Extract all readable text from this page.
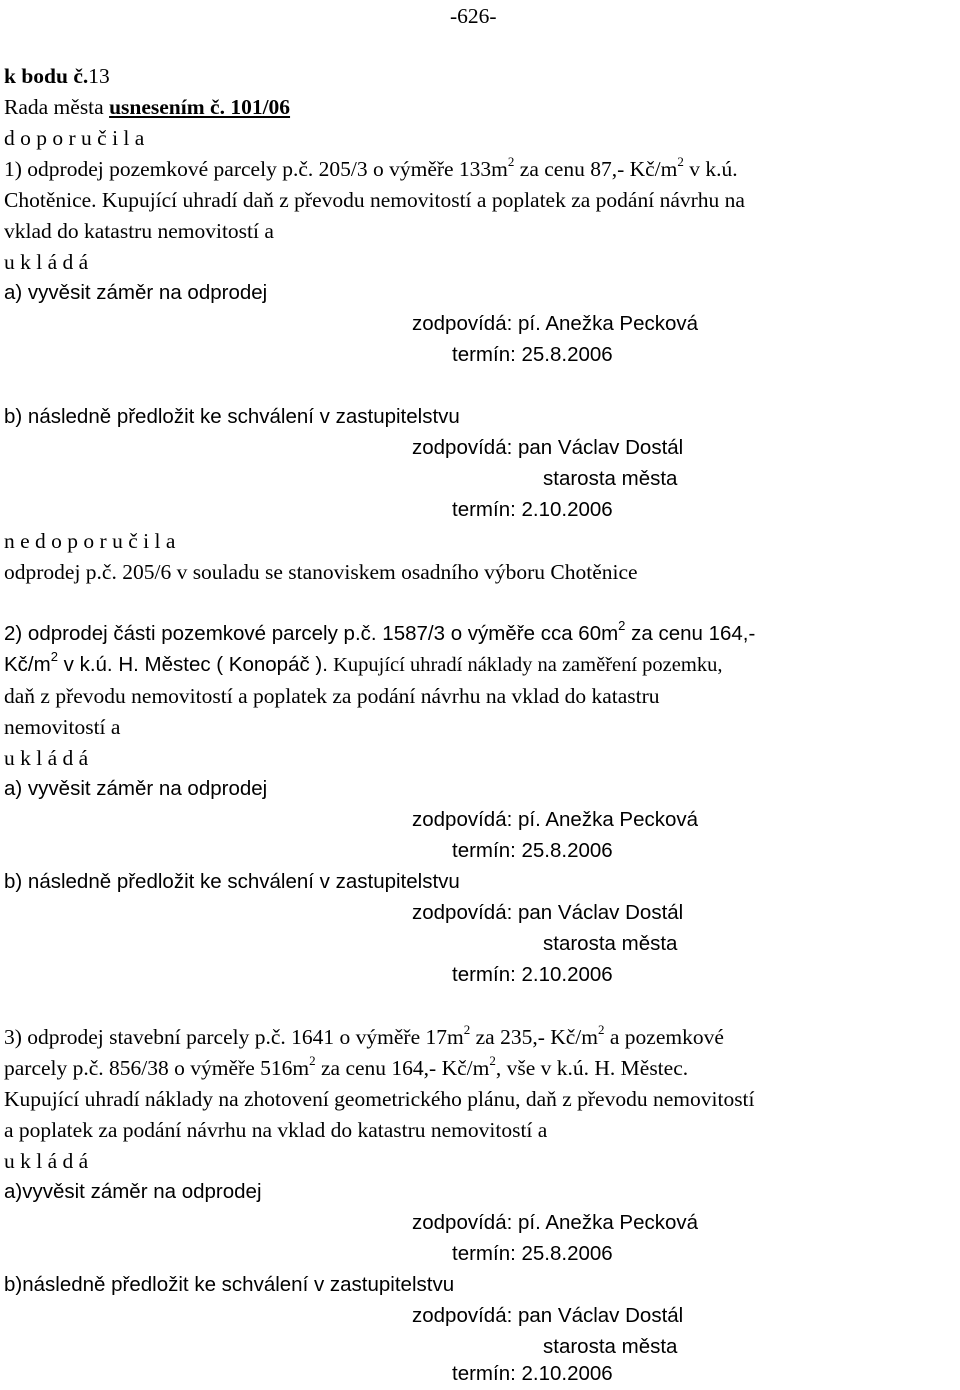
-626-
k bodu č.13
Rada města usnesením č. 101/06
d o p o r u č i l a
1) odprodej pozemkové parcely p.č. 205/3 o výměře $133m^2$ za cenu 87,- $Kč/m^2$ v k.ú.
Chotěnice. Kupující uhradí daň z převodu nemovitostí a poplatek za podání návrhu na
vklad do katastru nemovitostí a
u k l á d á
a) vyvěsit záměr na odprodej
zodpovídá: pí. Anežka Pecková
termín: 25.8.2006
b) následně předložit ke schválení v zastupitelstvu
zodpovídá: pan Václav Dostál
starosta města
termín: 2.10.2006
n e d o p o r u č i l a
odprodej p.č. 205/6 v souladu se stanoviskem osadního výboru Chotěnice
2) odprodej části pozemkové parcely p.č. 1587/3 o výměře cca $60m^2$ za cenu 164,-
$Kč/m^2$ v k.ú. H. Městec ( Konopáč ). Kupující uhradí náklady na zaměření pozemku,
daň z převodu nemovitostí a poplatek za podání návrhu na vklad do katastru
nemovitostí a
u k l á d á
a) vyvěsit záměr na odprodej
zodpovídá: pí. Anežka Pecková
termín: 25.8.2006
b) následně předložit ke schválení v zastupitelstvu
zodpovídá: pan Václav Dostál
starosta města
termín: 2.10.2006
3) odprodej stavební parcely p.č. 1641 o výměře $17m^2$ za 235,- $Kč/m^2$ a pozemkové
parcely p.č. 856/38 o výměře $516m^2$ za cenu 164,- $Kč/m^2$, vše v k.ú. H. Městec.
Kupující uhradí náklady na zhotovení geometrického plánu, daň z převodu nemovitostí
a poplatek za podání návrhu na vklad do katastru nemovitostí a
u k l á d á
a)vyvěsit záměr na odprodej
zodpovídá: pí. Anežka Pecková
termín: 25.8.2006
b)následně předložit ke schválení v zastupitelstvu
zodpovídá: pan Václav Dostál
starosta města
termín: 2.10.2006
